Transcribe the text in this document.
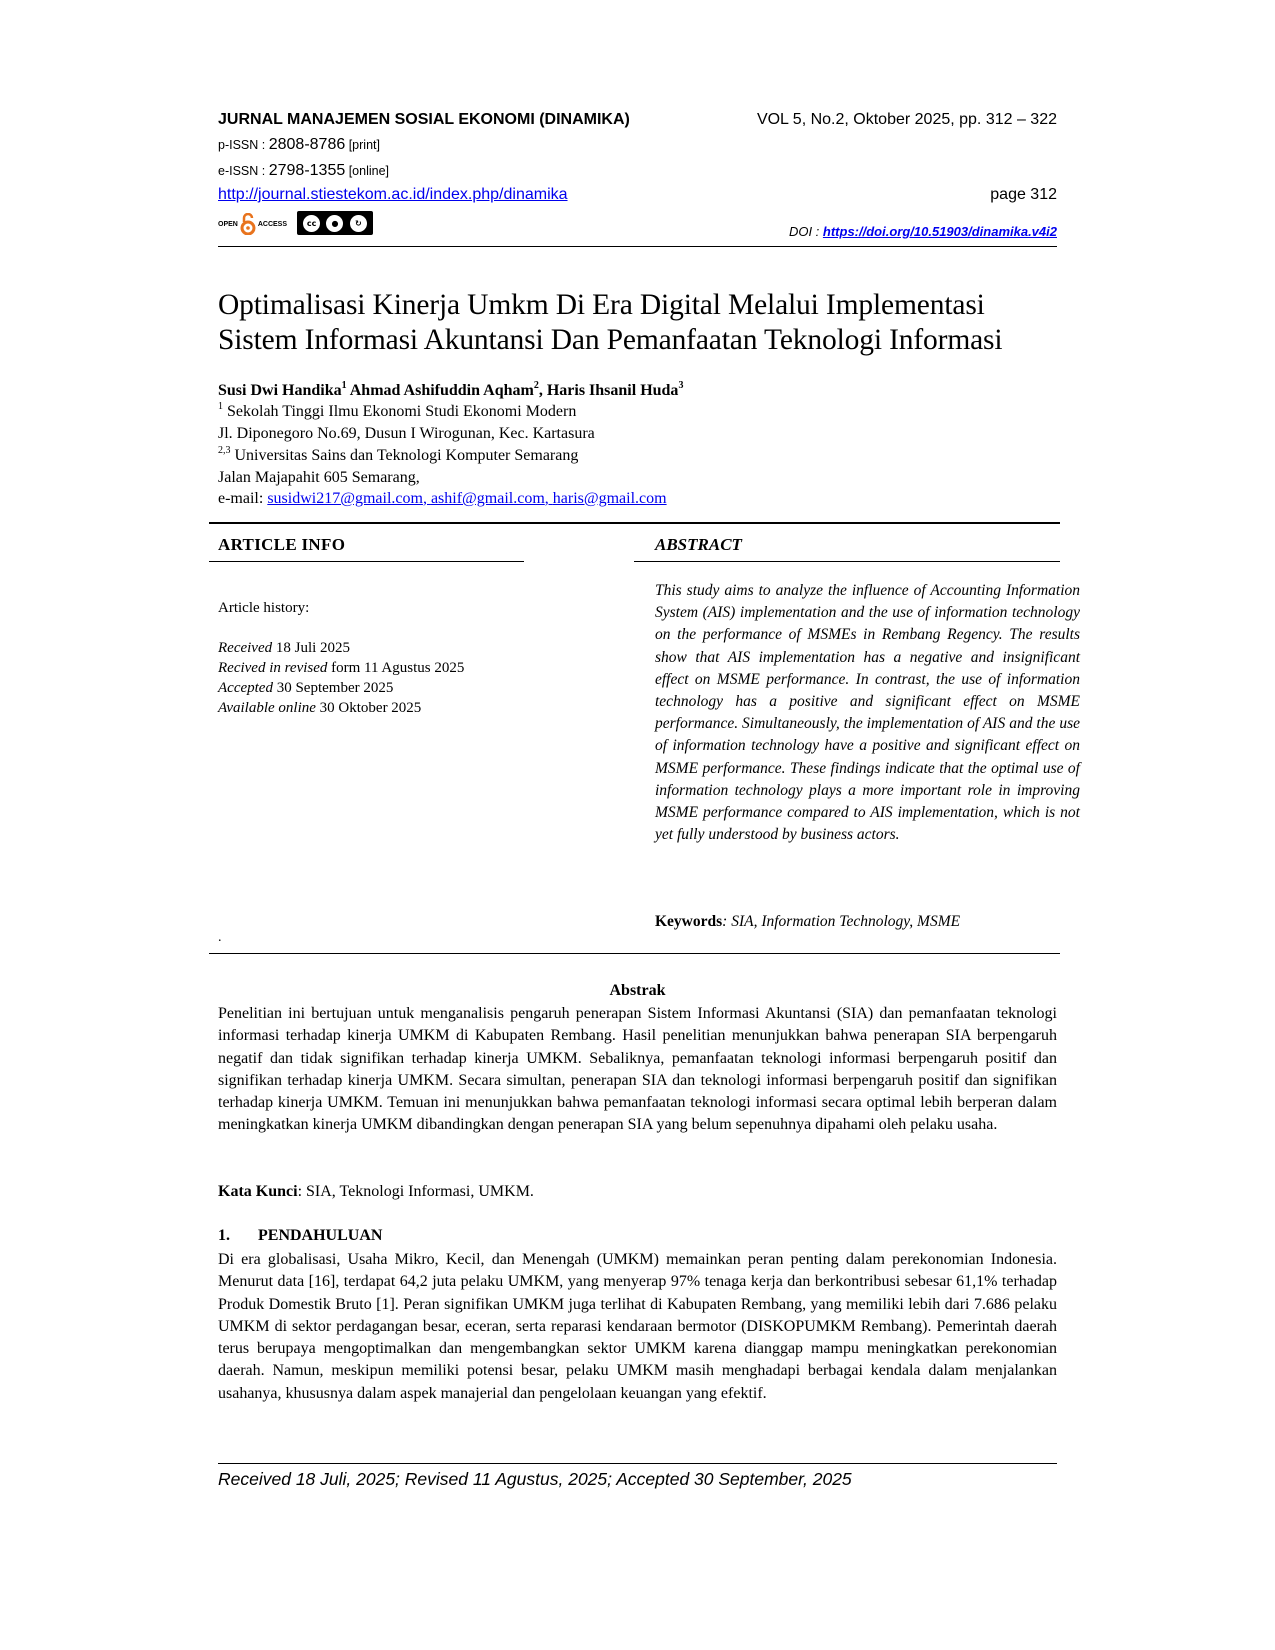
JURNAL MANAJEMEN SOSIAL EKONOMI (DINAMIKA)	VOL 5, No.2, Oktober 2025, pp. 312 – 322
p-ISSN : 2808-8786 [print]
e-ISSN : 2798-1355 [online]
http://journal.stiestekom.ac.id/index.php/dinamika	page 312
OPEN	ACCESS	cc	●	↻
DOI : https://doi.org/10.51903/dinamika.v4i2
Optimalisasi Kinerja Umkm Di Era Digital Melalui Implementasi
Sistem Informasi Akuntansi Dan Pemanfaatan Teknologi Informasi
Susi Dwi Handika$^1$ Ahmad Ashifuddin Aqham$^2$, Haris Ihsanil Huda$^3$
$^1$ Sekolah Tinggi Ilmu Ekonomi Studi Ekonomi Modern
Jl. Diponegoro No.69, Dusun I Wirogunan, Kec. Kartasura
$^{2,3}$ Universitas Sains dan Teknologi Komputer Semarang
Jalan Majapahit 605 Semarang,
e-mail: susidwi217@gmail.com, ashif@gmail.com, haris@gmail.com
ARTICLE INFO	ABSTRACT
Article history:
Received 18 Juli 2025
Recived in revised form 11 Agustus 2025
Accepted 30 September 2025
Available online 30 Oktober 2025
.
This study aims to analyze the influence of Accounting Information System (AIS) implementation and the use of information technology on the performance of MSMEs in Rembang Regency. The results show that AIS implementation has a negative and insignificant effect on MSME performance. In contrast, the use of information technology has a positive and significant effect on MSME performance. Simultaneously, the implementation of AIS and the use of information technology have a positive and significant effect on MSME performance. These findings indicate that the optimal use of information technology plays a more important role in improving MSME performance compared to AIS implementation, which is not yet fully understood by business actors.
Keywords: SIA, Information Technology, MSME
Abstrak
Penelitian ini bertujuan untuk menganalisis pengaruh penerapan Sistem Informasi Akuntansi (SIA) dan pemanfaatan teknologi informasi terhadap kinerja UMKM di Kabupaten Rembang. Hasil penelitian menunjukkan bahwa penerapan SIA berpengaruh negatif dan tidak signifikan terhadap kinerja UMKM. Sebaliknya, pemanfaatan teknologi informasi berpengaruh positif dan signifikan terhadap kinerja UMKM. Secara simultan, penerapan SIA dan teknologi informasi berpengaruh positif dan signifikan terhadap kinerja UMKM. Temuan ini menunjukkan bahwa pemanfaatan teknologi informasi secara optimal lebih berperan dalam meningkatkan kinerja UMKM dibandingkan dengan penerapan SIA yang belum sepenuhnya dipahami oleh pelaku usaha.
Kata Kunci: SIA, Teknologi Informasi, UMKM.
1. PENDAHULUAN
Di era globalisasi, Usaha Mikro, Kecil, dan Menengah (UMKM) memainkan peran penting dalam perekonomian Indonesia. Menurut data [16], terdapat 64,2 juta pelaku UMKM, yang menyerap 97% tenaga kerja dan berkontribusi sebesar 61,1% terhadap Produk Domestik Bruto [1]. Peran signifikan UMKM juga terlihat di Kabupaten Rembang, yang memiliki lebih dari 7.686 pelaku UMKM di sektor perdagangan besar, eceran, serta reparasi kendaraan bermotor (DISKOPUMKM Rembang). Pemerintah daerah terus berupaya mengoptimalkan dan mengembangkan sektor UMKM karena dianggap mampu meningkatkan perekonomian daerah. Namun, meskipun memiliki potensi besar, pelaku UMKM masih menghadapi berbagai kendala dalam menjalankan usahanya, khususnya dalam aspek manajerial dan pengelolaan keuangan yang efektif.
Received 18 Juli, 2025; Revised 11 Agustus, 2025; Accepted 30 September, 2025
